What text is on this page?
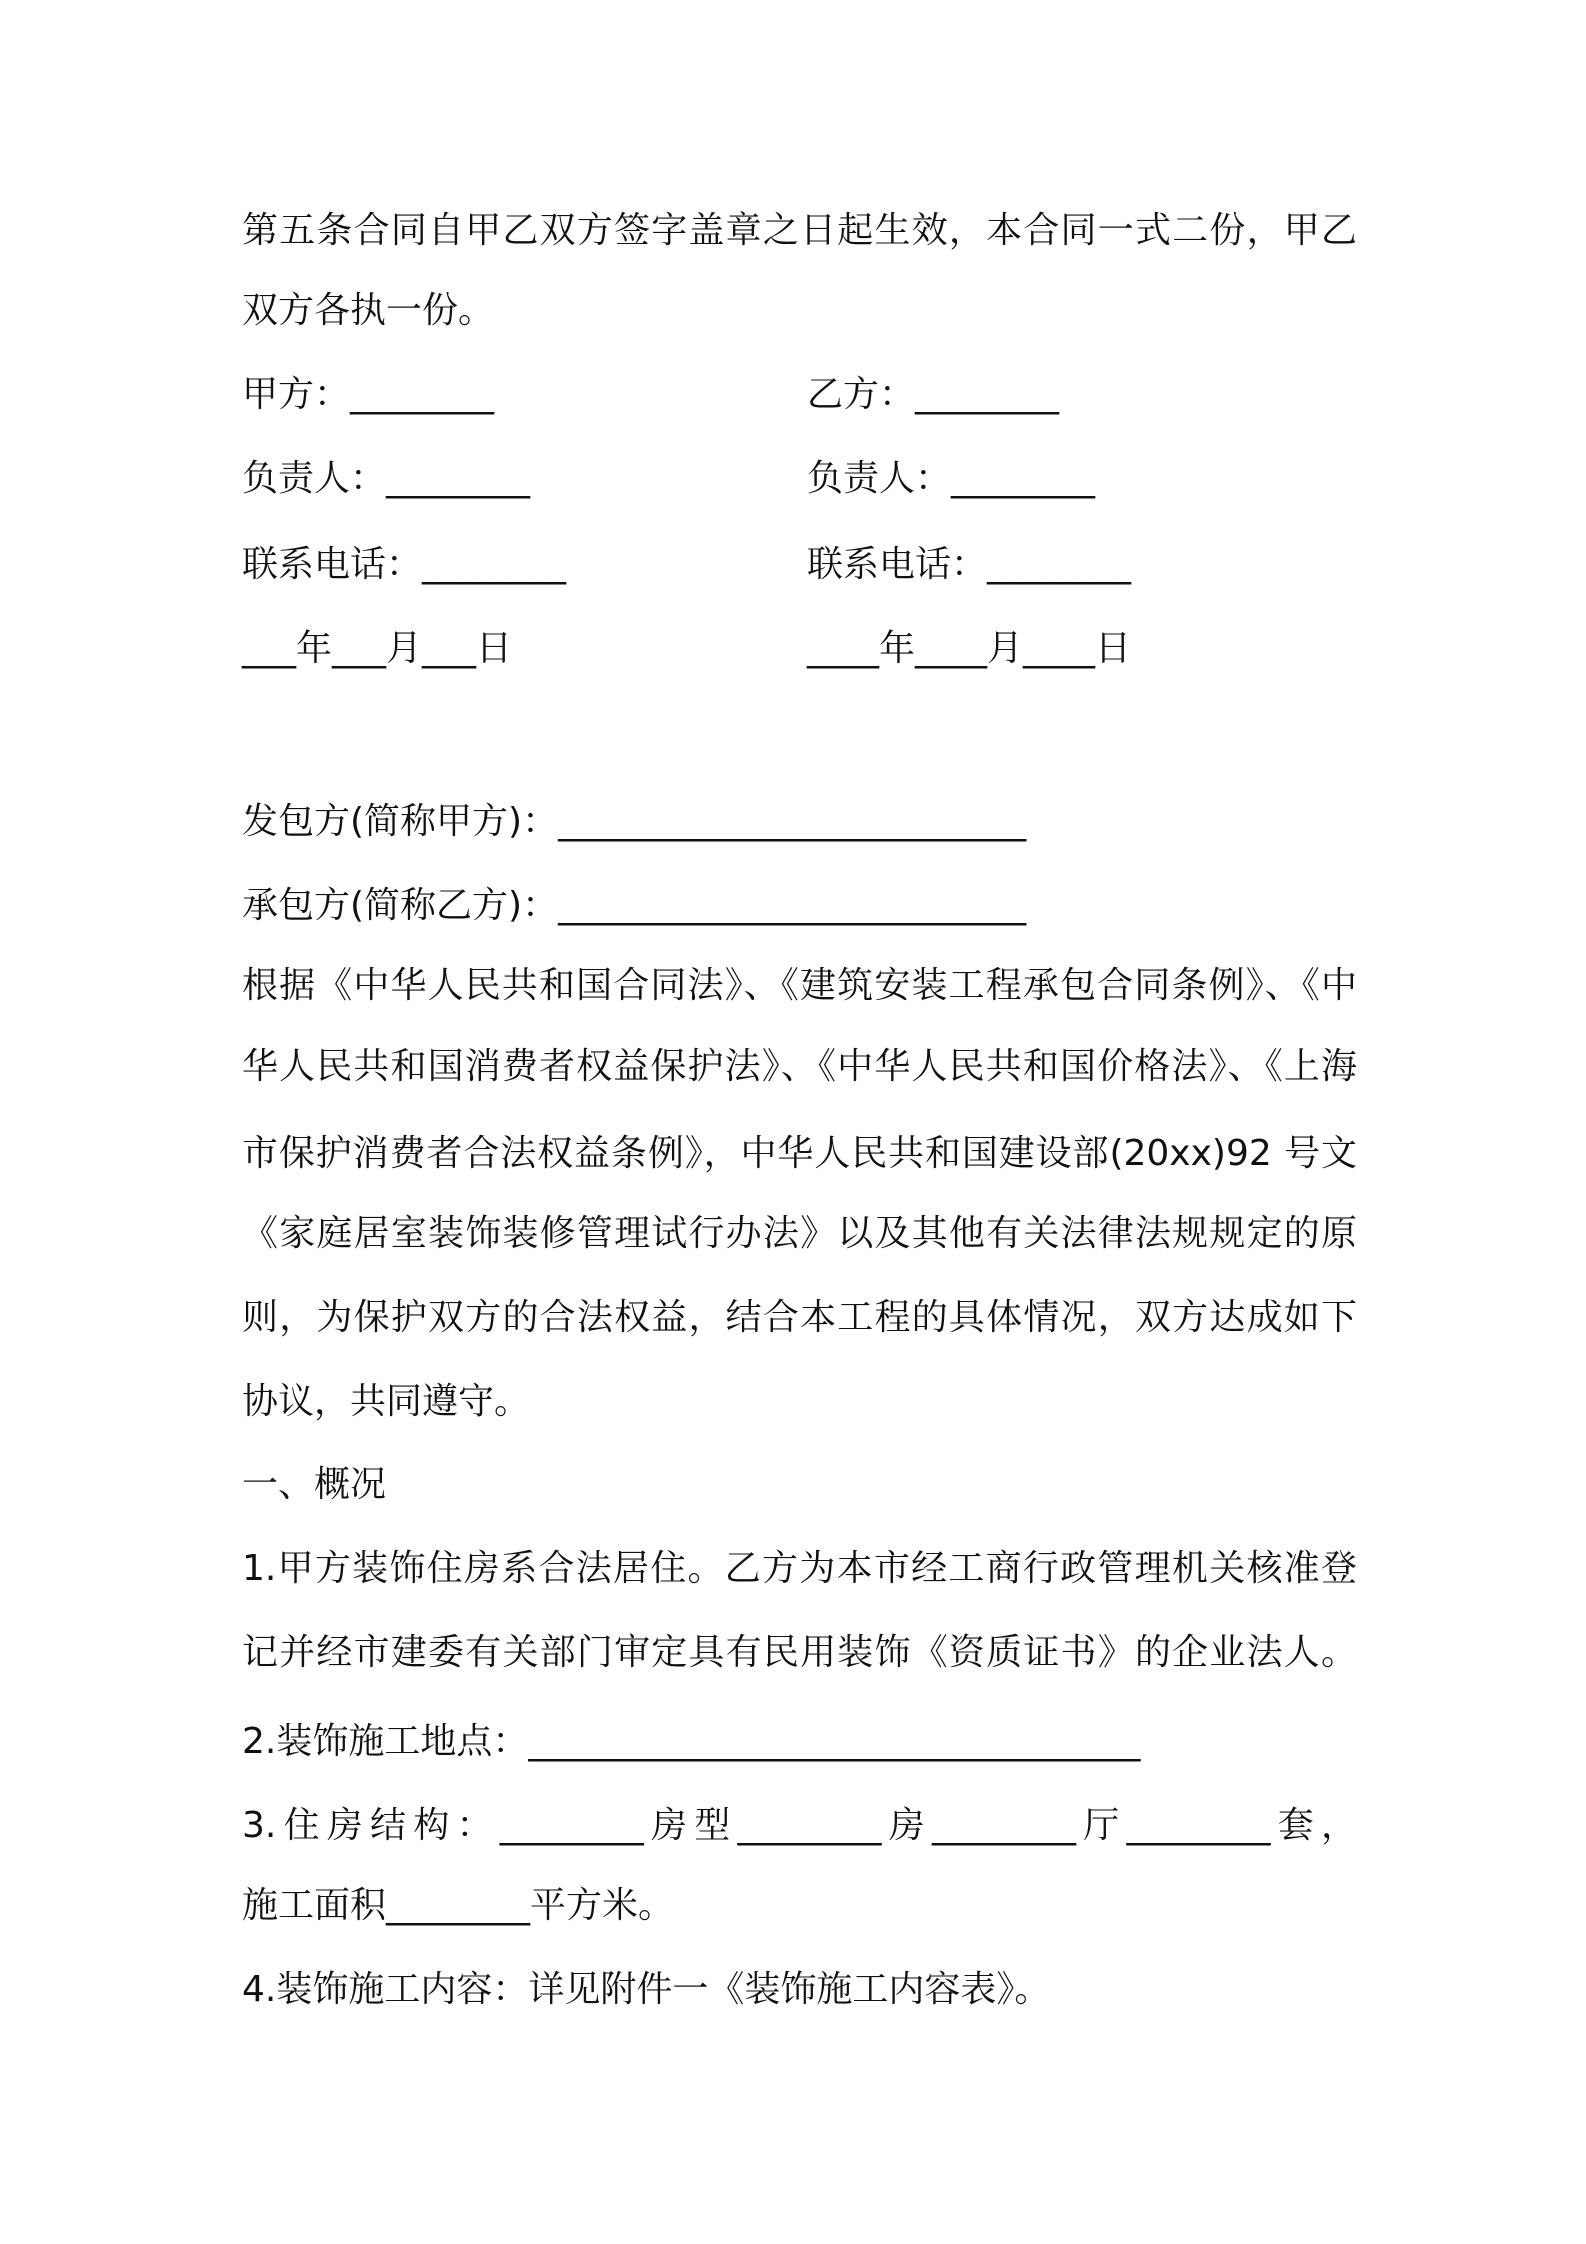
第五条合同自甲乙双方签字盖章之日起生效，本合同一式二份，甲乙
双方各执一份。
甲方：________	乙方：________
负责人：________	负责人：________
联系电话：________	联系电话：________
___年___月___日	____年____月____日
发包方(简称甲方)：__________________________
承包方(简称乙方)：__________________________
根据《中华人民共和国合同法》、《建筑安装工程承包合同条例》、《中
华人民共和国消费者权益保护法》、《中华人民共和国价格法》、《上海
市保护消费者合法权益条例》，中华人民共和国建设部(20xx)92 号文
《家庭居室装饰装修管理试行办法》以及其他有关法律法规规定的原
则，为保护双方的合法权益，结合本工程的具体情况，双方达成如下
协议，共同遵守。
一、概况
1.甲方装饰住房系合法居住。乙方为本市经工商行政管理机关核准登
记并经市建委有关部门审定具有民用装饰《资质证书》的企业法人。
2.装饰施工地点：__________________________________
3.住房结构：________房型________房________厅________套，
施工面积________平方米。
4.装饰施工内容：详见附件一《装饰施工内容表》。
